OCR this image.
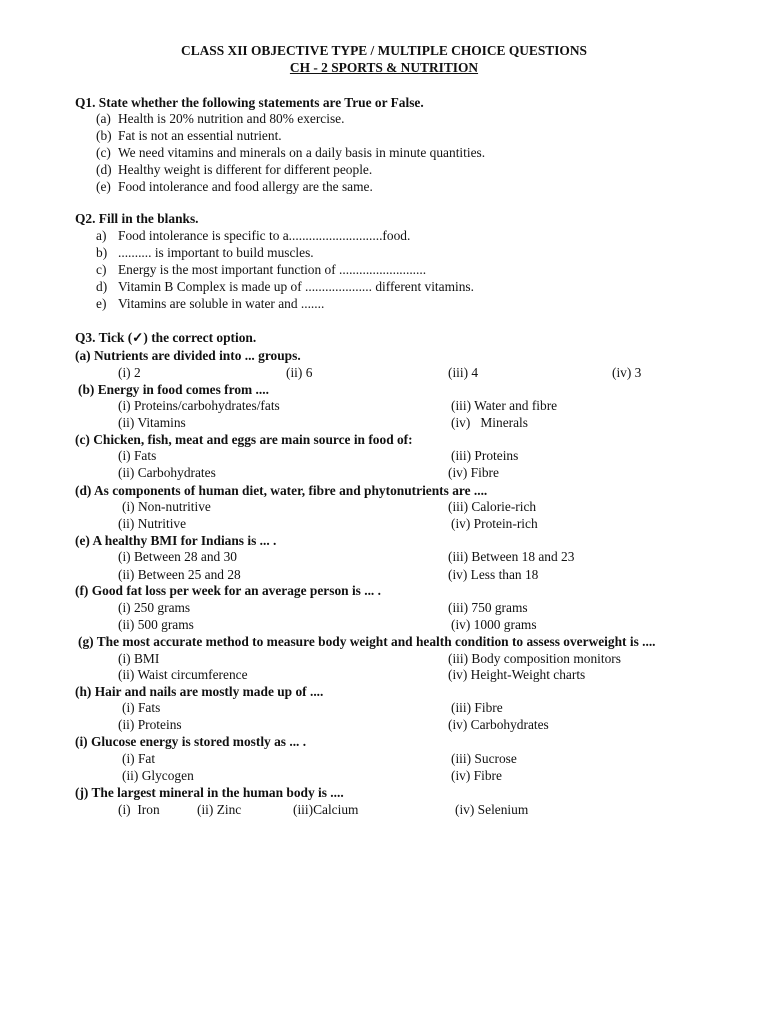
CLASS XII OBJECTIVE TYPE / MULTIPLE CHOICE QUESTIONS
CH - 2 SPORTS & NUTRITION
Q1. State whether the following statements are True or False.
(a) Health is 20% nutrition and 80% exercise.
(b) Fat is not an essential nutrient.
(c) We need vitamins and minerals on a daily basis in minute quantities.
(d) Healthy weight is different for different people.
(e) Food intolerance and food allergy are the same.
Q2. Fill in the blanks.
a) Food intolerance is specific to a............................food.
b) .......... is important to build muscles.
c) Energy is the most important function of ..........................
d) Vitamin B Complex is made up of .................... different vitamins.
e) Vitamins are soluble in water and .......
Q3. Tick (✓) the correct option.
(a) Nutrients are divided into ... groups.
(i) 2	(ii) 6	(iii) 4	(iv) 3
(b) Energy in food comes from ....
(i) Proteins/carbohydrates/fats
(ii) Vitamins
(iii) Water and fibre
(iv)   Minerals
(c) Chicken, fish, meat and eggs are main source in food of:
(i) Fats
(ii) Carbohydrates
(iii) Proteins
(iv) Fibre
(d) As components of human diet, water, fibre and phytonutrients are ....
(i) Non-nutritive
(ii) Nutritive
(iii) Calorie-rich
(iv) Protein-rich
(e) A healthy BMI for Indians is ... .
(i) Between 28 and 30
(ii) Between 25 and 28
(iii) Between 18 and 23
(iv) Less than 18
(f) Good fat loss per week for an average person is ... .
(i) 250 grams
(ii) 500 grams
(iii) 750 grams
(iv) 1000 grams
(g) The most accurate method to measure body weight and health condition to assess overweight is ....
(i) BMI
(ii) Waist circumference
(iii) Body composition monitors
(iv) Height-Weight charts
(h) Hair and nails are mostly made up of ....
(i) Fats
(ii) Proteins
(iii) Fibre
(iv) Carbohydrates
(i) Glucose energy is stored mostly as ... .
(i) Fat
(ii) Glycogen
(iii) Sucrose
(iv) Fibre
(j) The largest mineral in the human body is ....
(i)  Iron	(ii) Zinc	(iii)Calcium	(iv) Selenium
